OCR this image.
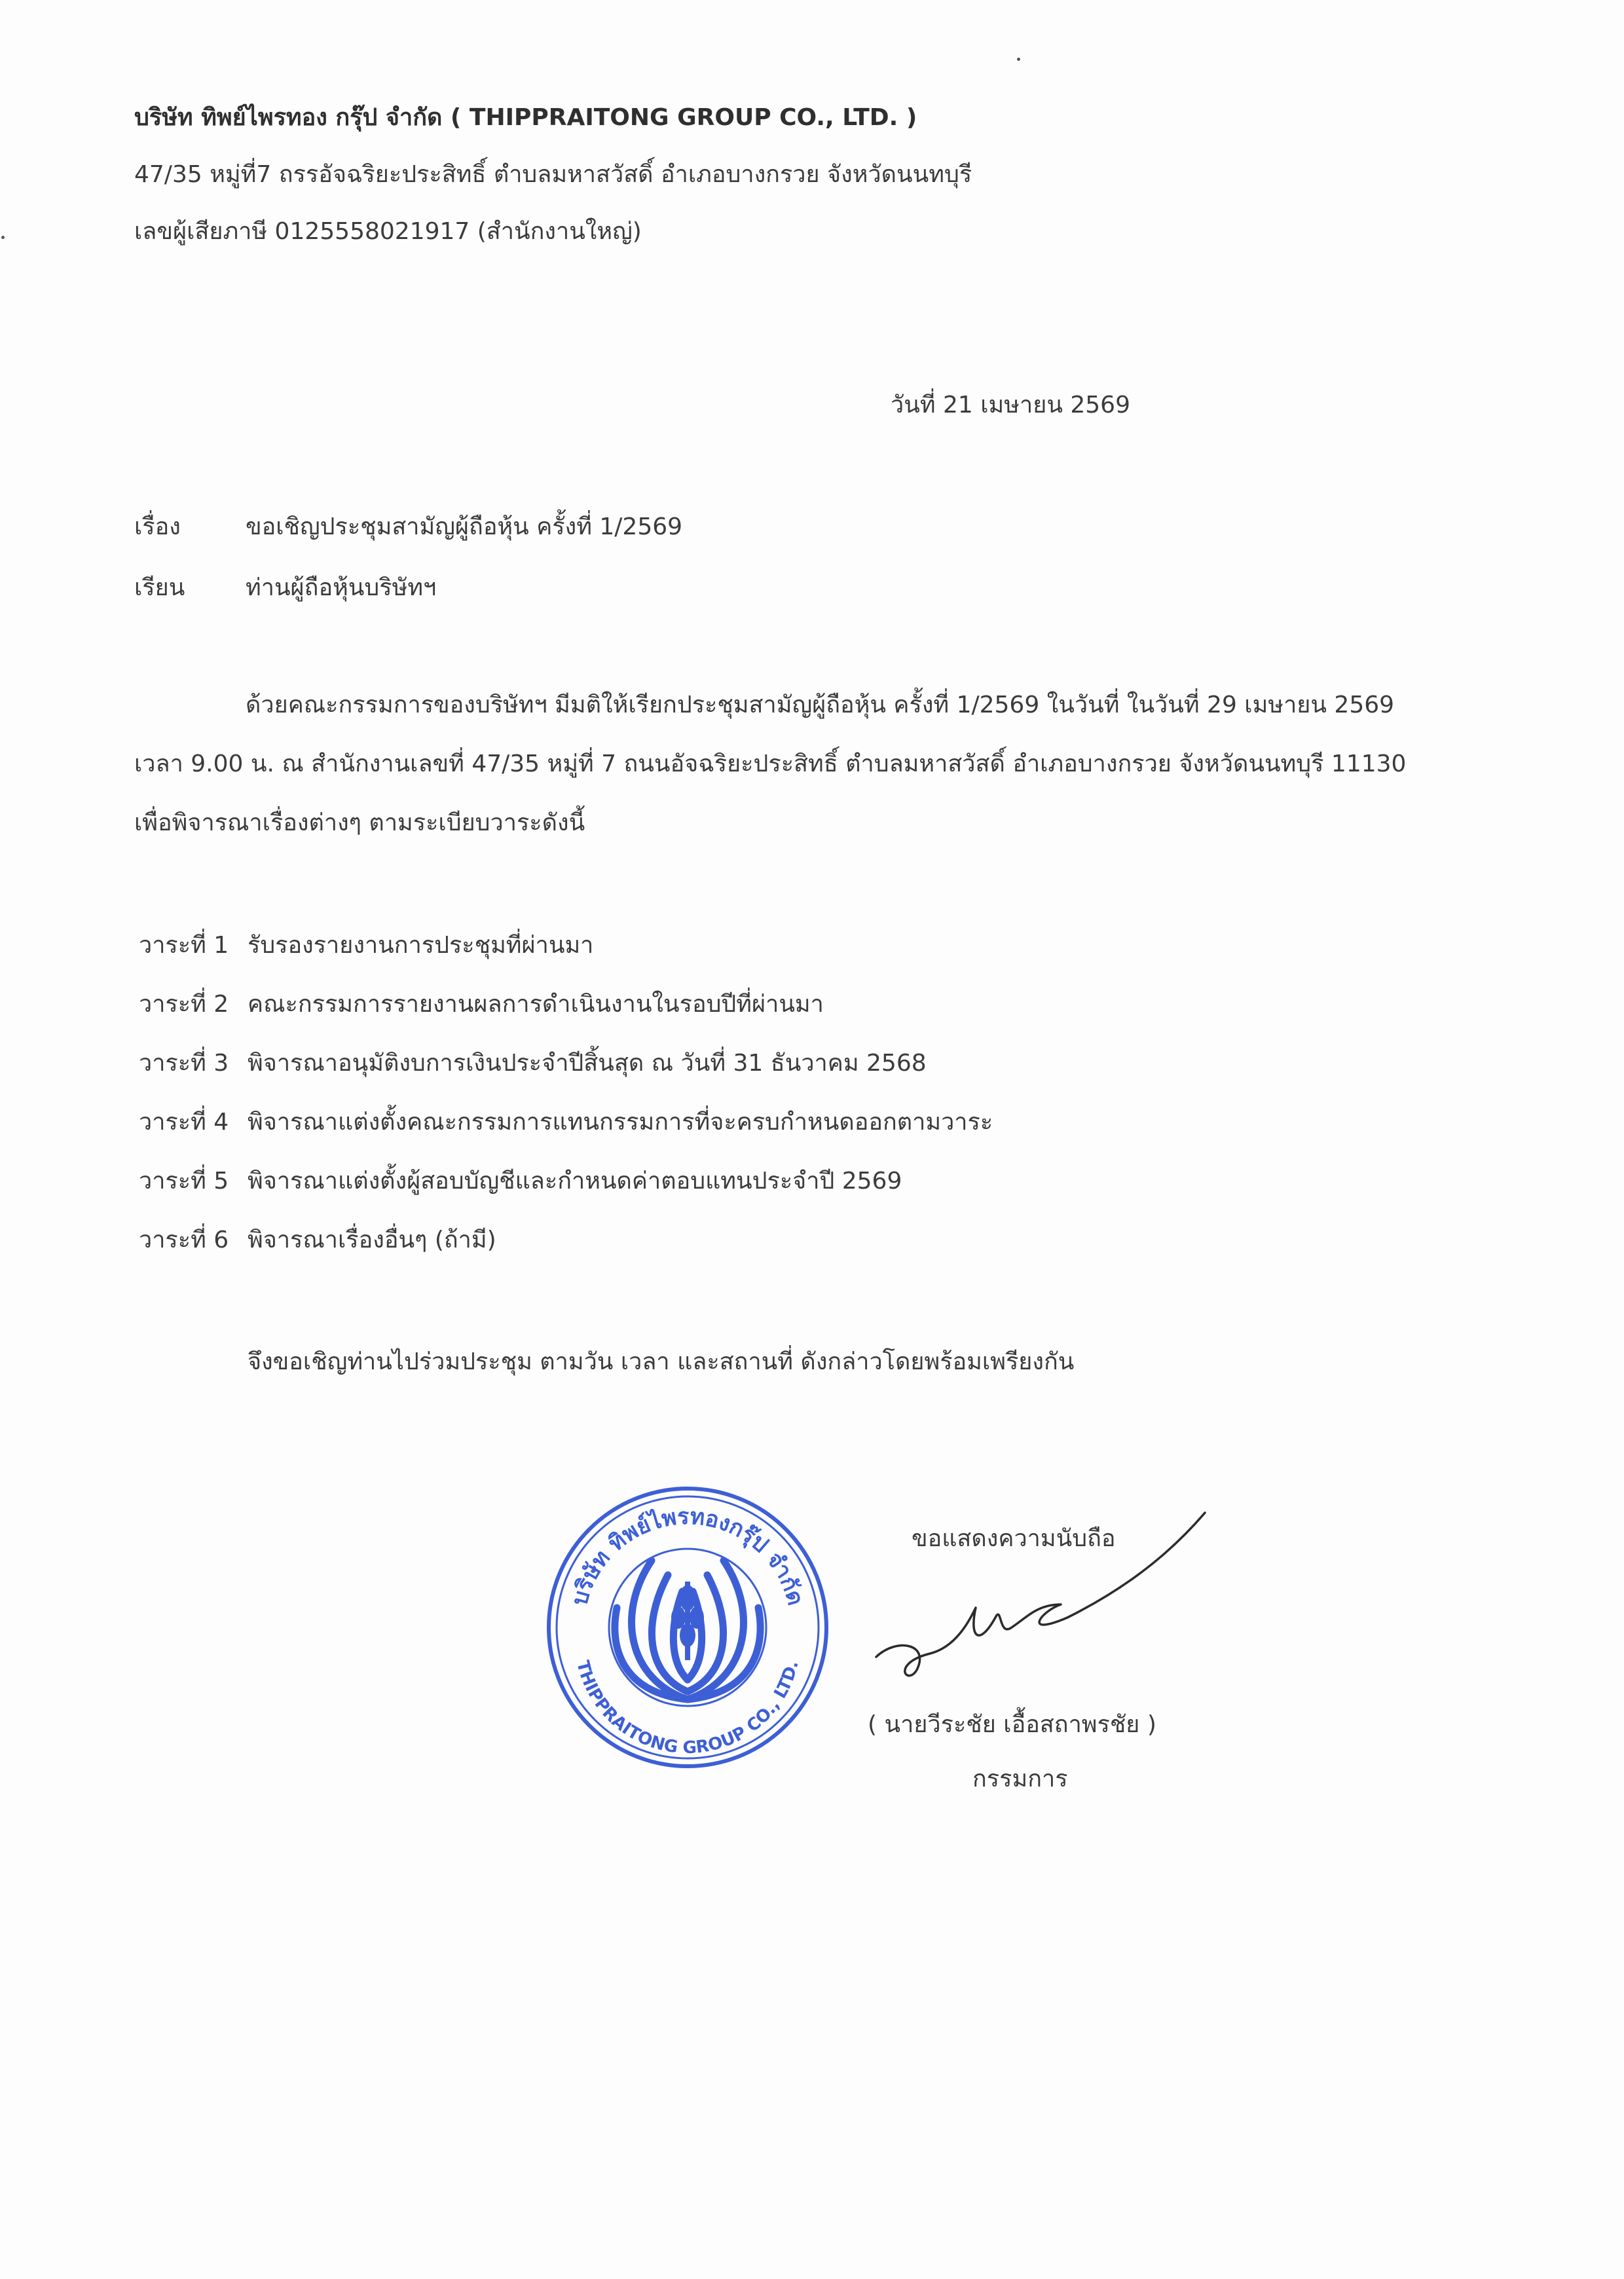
บริษัท ทิพย์ไพรทอง กรุ๊ป จำกัด ( THIPPRAITONG GROUP CO., LTD. )
47/35 หมู่ที่7 ถรรอัจฉริยะประสิทธิ์ ตำบลมหาสวัสดิ์ อำเภอบางกรวย จังหวัดนนทบุรี
เลขผู้เสียภาษี 0125558021917 (สำนักงานใหญ่)
วันที่ 21 เมษายน 2569
เรื่อง	ขอเชิญประชุมสามัญผู้ถือหุ้น ครั้งที่ 1/2569
เรียน	ท่านผู้ถือหุ้นบริษัทฯ
ด้วยคณะกรรมการของบริษัทฯ มีมติให้เรียกประชุมสามัญผู้ถือหุ้น ครั้งที่ 1/2569 ในวันที่ ในวันที่ 29 เมษายน 2569
เวลา 9.00 น. ณ สำนักงานเลขที่ 47/35 หมู่ที่ 7 ถนนอัจฉริยะประสิทธิ์ ตำบลมหาสวัสดิ์ อำเภอบางกรวย จังหวัดนนทบุรี 11130
เพื่อพิจารณาเรื่องต่างๆ ตามระเบียบวาระดังนี้
วาระที่ 1 รับรองรายงานการประชุมที่ผ่านมา
วาระที่ 2 คณะกรรมการรายงานผลการดำเนินงานในรอบปีที่ผ่านมา
วาระที่ 3 พิจารณาอนุมัติงบการเงินประจำปีสิ้นสุด ณ วันที่ 31 ธันวาคม 2568
วาระที่ 4 พิจารณาแต่งตั้งคณะกรรมการแทนกรรมการที่จะครบกำหนดออกตามวาระ
วาระที่ 5 พิจารณาแต่งตั้งผู้สอบบัญชีและกำหนดค่าตอบแทนประจำปี 2569
วาระที่ 6 พิจารณาเรื่องอื่นๆ (ถ้ามี)
จึงขอเชิญท่านไปร่วมประชุม ตามวัน เวลา และสถานที่ ดังกล่าวโดยพร้อมเพรียงกัน
ขอแสดงความนับถือ
( นายวีระชัย เอื้อสถาพรชัย )
กรรมการ
บริษัท ทิพย์ไพรทองกรุ๊ป จำกัด
THIPPRAITONG GROUP CO., LTD.
